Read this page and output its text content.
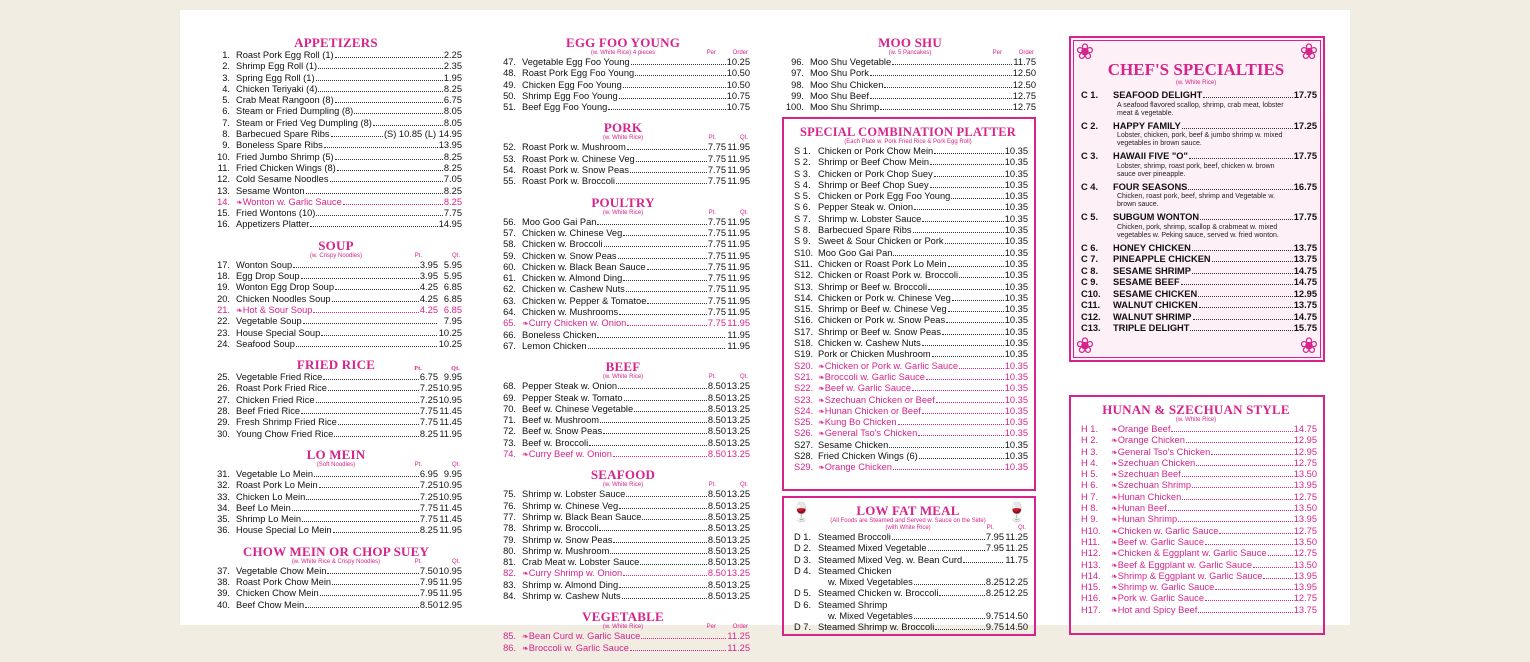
APPETIZERS
1. Roast Pork Egg Roll (1)	2.25
2. Shrimp Egg Roll (1)	2.35
3. Spring Egg Roll (1)	1.95
4. Chicken Teriyaki (4)	8.25
5. Crab Meat Rangoon (8)	6.75
6. Steam or Fried Dumpling (8)	8.05
7. Steam or Fried Veg Dumpling (8)	8.05
8. Barbecued Spare Ribs	(S) 10.85 (L) 14.95
9. Boneless Spare Ribs	13.95
10. Fried Jumbo Shrimp (5)	8.25
11. Fried Chicken Wings (8)	8.25
12. Cold Sesame Noodles	7.05
13. Sesame Wonton	8.25
14. ❧ Wonton w. Garlic Sauce	8.25
15. Fried Wontons (10)	7.75
16. Appetizers Platter	14.95
SOUP
(w. Crispy Noodles)	Pt.	Qt.
17. Wonton Soup	3.95 5.95
18. Egg Drop Soup	3.95 5.95
19. Wonton Egg Drop Soup	4.25 6.85
20. Chicken Noodles Soup	4.25 6.85
21. ❧ Hot & Sour Soup	4.25 6.85
22. Vegetable Soup	7.95
23. House Special Soup	10.25
24. Seafood Soup	10.25
FRIED RICE	Pt.	Qt.
25. Vegetable Fried Rice	6.75 9.95
26. Roast Pork Fried Rice	7.25 10.95
27. Chicken Fried Rice	7.25 10.95
28. Beef Fried Rice	7.75 11.45
29. Fresh Shrimp Fried Rice	7.75 11.45
30. Young Chow Fried Rice	8.25 11.95
LO MEIN
(Soft Noodles)	Pt.	Qt.
31. Vegetable Lo Mein	6.95 9.95
32. Roast Pork Lo Mein	7.25 10.95
33. Chicken Lo Mein	7.25 10.95
34. Beef Lo Mein	7.75 11.45
35. Shrimp Lo Mein	7.75 11.45
36. House Special Lo Mein	8.25 11.95
CHOW MEIN OR CHOP SUEY
(w. White Rice & Crispy Noodles)	Pt.	Qt.
37. Vegetable Chow Mein	7.50 10.95
38. Roast Pork Chow Mein	7.95 11.95
39. Chicken Chow Mein	7.95 11.95
40. Beef Chow Mein	8.50 12.95
EGG FOO YOUNG
(w. White Rice) 4 pieces	Per	Order
47. Vegetable Egg Foo Young	10.25
48. Roast Pork Egg Foo Young	10.50
49. Chicken Egg Foo Young	10.50
50. Shrimp Egg Foo Young	10.75
51. Beef Egg Foo Young	10.75
PORK
(w. White Rice)	Pt.	Qt.
52. Roast Pork w. Mushroom	7.75 11.95
53. Roast Pork w. Chinese Veg	7.75 11.95
54. Roast Pork w. Snow Peas	7.75 11.95
55. Roast Pork w. Broccoli	7.75 11.95
POULTRY
(w. White Rice)	Pt.	Qt.
56. Moo Goo Gai Pan	7.75 11.95
57. Chicken w. Chinese Veg	7.75 11.95
58. Chicken w. Broccoli	7.75 11.95
59. Chicken w. Snow Peas	7.75 11.95
60. Chicken w. Black Bean Sauce	7.75 11.95
61. Chicken w. Almond Ding	7.75 11.95
62. Chicken w. Cashew Nuts	7.75 11.95
63. Chicken w. Pepper & Tomatoe	7.75 11.95
64. Chicken w. Mushrooms	7.75 11.95
65. ❧ Curry Chicken w. Onion	7.75 11.95
66. Boneless Chicken	11.95
67. Lemon Chicken	11.95
BEEF
(w. White Rice)	Pt.	Qt.
68. Pepper Steak w. Onion	8.50 13.25
69. Pepper Steak w. Tomato	8.50 13.25
70. Beef w. Chinese Vegetable	8.50 13.25
71. Beef w. Mushroom	8.50 13.25
72. Beef w. Snow Peas	8.50 13.25
73. Beef w. Broccoli	8.50 13.25
74. ❧ Curry Beef w. Onion	8.50 13.25
SEAFOOD
(w. White Rice)	Pt.	Qt.
75. Shrimp w. Lobster Sauce	8.50 13.25
76. Shrimp w. Chinese Veg	8.50 13.25
77. Shrimp w. Black Bean Sauce	8.50 13.25
78. Shrimp w. Broccoli	8.50 13.25
79. Shrimp w. Snow Peas	8.50 13.25
80. Shrimp w. Mushroom	8.50 13.25
81. Crab Meat w. Lobster Sauce	8.50 13.25
82. ❧ Curry Shrimp w. Onion	8.50 13.25
83. Shrimp w. Almond Ding	8.50 13.25
84. Shrimp w. Cashew Nuts	8.50 13.25
VEGETABLE
(w. White Rice)	Per	Order
85. ❧ Bean Curd w. Garlic Sauce	11.25
86. ❧ Broccoli w. Garlic Sauce	11.25
MOO SHU
(w. 5 Pancakes)	Per	Order
96. Moo Shu Vegetable	11.75
97. Moo Shu Pork	12.50
98. Moo Shu Chicken	12.50
99. Moo Shu Beef	12.75
100. Moo Shu Shrimp	12.75
SPECIAL COMBINATION PLATTER
(Each Plate w. Pork Fried Rice & Pork Egg Roll)
S 1. Chicken or Pork Chow Mein	10.35
S 2. Shrimp or Beef Chow Mein	10.35
S 3. Chicken or Pork Chop Suey	10.35
S 4. Shrimp or Beef Chop Suey	10.35
S 5. Chicken or Pork Egg Foo Young	10.35
S 6. Pepper Steak w. Onion	10.35
S 7. Shrimp w. Lobster Sauce	10.35
S 8. Barbecued Spare Ribs	10.35
S 9. Sweet & Sour Chicken or Pork	10.35
S10. Moo Goo Gai Pan	10.35
S11. Chicken or Roast Pork Lo Mein	10.35
S12. Chicken or Roast Pork w. Broccoli	10.35
S13. Shrimp or Beef w. Broccoli	10.35
S14. Chicken or Pork w. Chinese Veg	10.35
S15. Shrimp or Beef w. Chinese Veg	10.35
S16. Chicken or Pork w. Snow Peas	10.35
S17. Shrimp or Beef w. Snow Peas	10.35
S18. Chicken w. Cashew Nuts	10.35
S19. Pork or Chicken Mushroom	10.35
S20. ❧ Chicken or Pork w. Garlic Sauce	10.35
S21. ❧ Broccoli w. Garlic Sauce	10.35
S22. ❧ Beef w. Garlic Sauce	10.35
S23. ❧ Szechuan Chicken or Beef	10.35
S24. ❧ Hunan Chicken or Beef	10.35
S25. ❧ Kung Bo Chicken	10.35
S26. ❧ General Tso's Chicken	10.35
S27. Sesame Chicken	10.35
S28. Fried Chicken Wings (6)	10.35
S29. ❧ Orange Chicken	10.35
LOW FAT MEAL
(All Foods are Steamed and Served w. Sauce on the Side)
(with White Rice)	Pt.	Qt.
D 1. Steamed Broccoli	7.95 11.25
D 2. Steamed Mixed Vegetable	7.95 11.25
D 3. Steamed Mixed Veg. w. Bean Curd	11.75
D 4. Steamed Chicken
w. Mixed Vegetables	8.25 12.25
D 5. Steamed Chicken w. Broccoli	8.25 12.25
D 6. Steamed Shrimp
w. Mixed Vegetables	9.75 14.50
D 7. Steamed Shrimp w. Broccoli	9.75 14.50
🍷	🍷
❀	❀
❀	❀
CHEF'S SPECIALTIES
(w. White Rice)
C 1.	SEAFOOD DELIGHT	17.75
A seafood flavored scallop, shrimp, crab meat, lobster meat & vegetable.
C 2.	HAPPY FAMILY	17.25
Lobster, chicken, pork, beef & jumbo shrimp w. mixed vegetables in brown sauce.
C 3.	HAWAII FIVE "O"	17.75
Lobster, shrimp, roast pork, beef, chicken w. brown sauce over pineapple.
C 4.	FOUR SEASONS	16.75
Chicken, roast pork, beef, shrimp and Vegetable w. brown sauce.
C 5.	SUBGUM WONTON	17.75
Chicken, pork, shrimp, scallop & crabmeat w. mixed vegetables w. Peking sauce, served w. fried wonton.
C 6.	HONEY CHICKEN	13.75
C 7.	PINEAPPLE CHICKEN	13.75
C 8.	SESAME SHRIMP	14.75
C 9.	SESAME BEEF	14.75
C10.	SESAME CHICKEN	12.95
C11.	WALNUT CHICKEN	13.75
C12.	WALNUT SHRIMP	14.75
C13.	TRIPLE DELIGHT	15.75
HUNAN & SZECHUAN STYLE
(w. White Rice)
H 1.	❧ Orange Beef	14.75
H 2.	❧ Orange Chicken	12.95
H 3.	❧ General Tso's Chicken	12.95
H 4.	❧ Szechuan Chicken	12.75
H 5.	❧ Szechuan Beef	13.50
H 6.	❧ Szechuan Shrimp	13.95
H 7.	❧ Hunan Chicken	12.75
H 8.	❧ Hunan Beef	13.50
H 9.	❧ Hunan Shrimp	13.95
H10.	❧ Chicken w. Garlic Sauce	12.75
H11.	❧ Beef w. Garlic Sauce	13.50
H12.	❧ Chicken & Eggplant w. Garlic Sauce	12.75
H13.	❧ Beef & Eggplant w. Garlic Sauce	13.50
H14.	❧ Shrimp & Eggplant w. Garlic Sauce	13.95
H15.	❧ Shrimp w. Garlic Sauce	13.95
H16.	❧ Pork w. Garlic Sauce	12.75
H17.	❧ Hot and Spicy Beef	13.75
